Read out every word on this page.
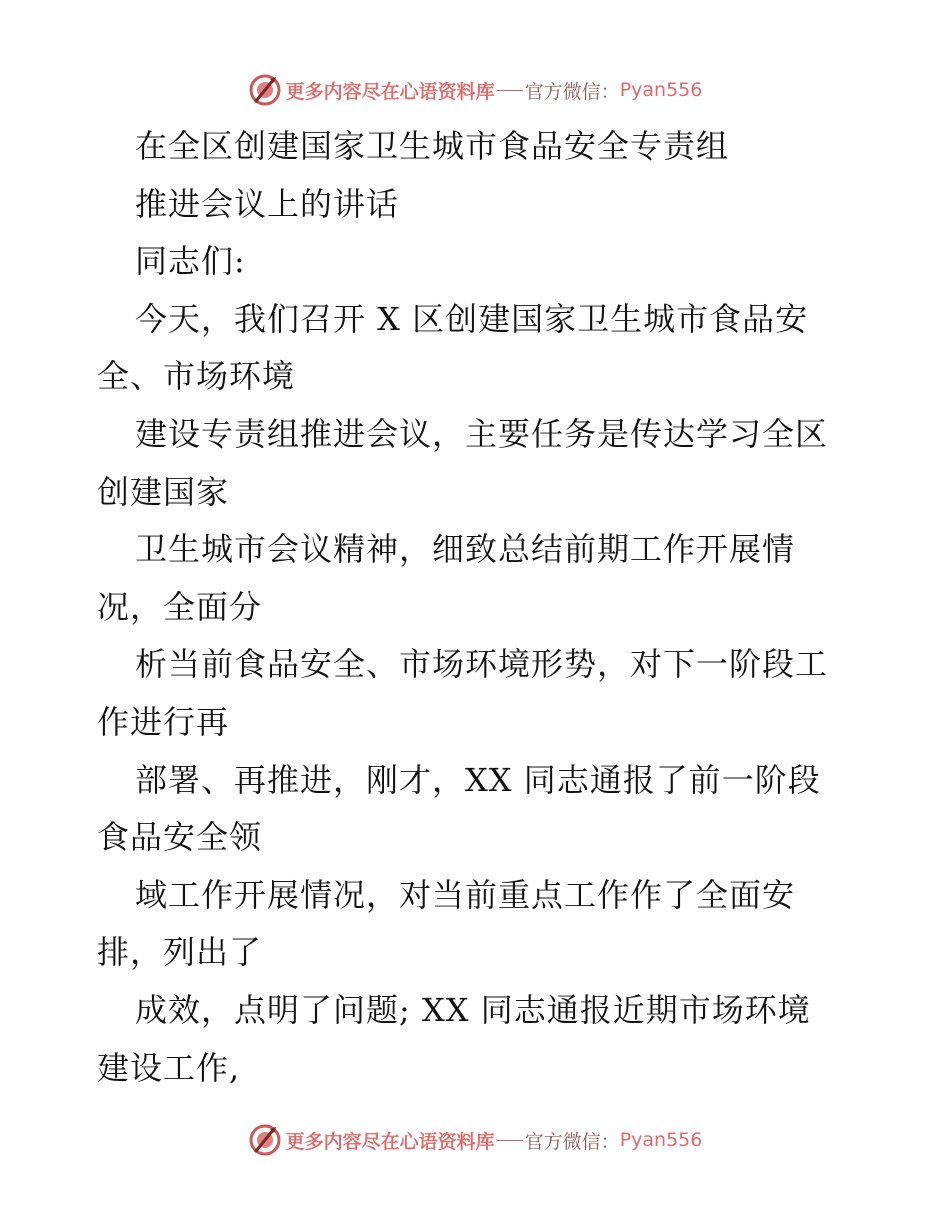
更多内容尽在心语资料库 官方微信： Pyan556
在全区创建国家卫生城市食品安全专责组
推进会议上的讲话
同志们:
今天，我们召开 X 区创建国家卫生城市食品安
全、市场环境
建设专责组推进会议，主要任务是传达学习全区
创建国家
卫生城市会议精神，细致总结前期工作开展情
况，全面分
析当前食品安全、市场环境形势，对下一阶段工
作进行再
部署、再推进，刚才，XX 同志通报了前一阶段
食品安全领
域工作开展情况，对当前重点工作作了全面安
排，列出了
成效，点明了问题; XX 同志通报近期市场环境
建设工作,
更多内容尽在心语资料库 官方微信： Pyan556
